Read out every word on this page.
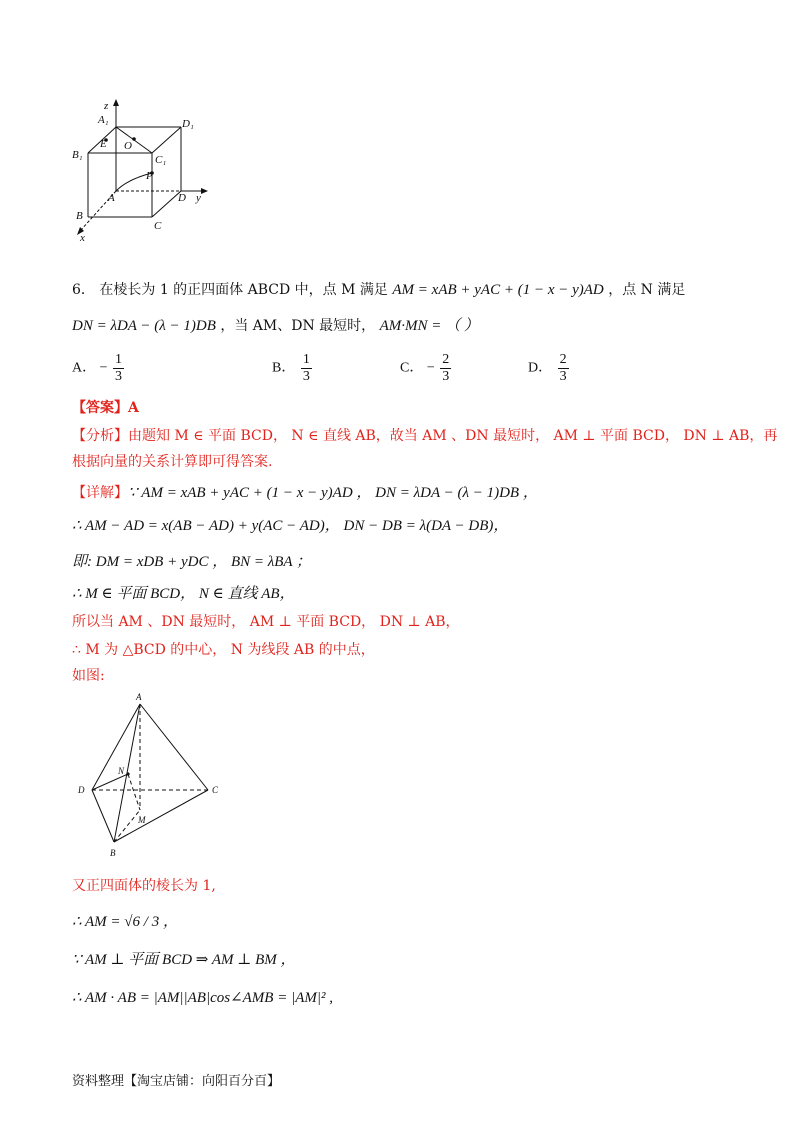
z
A₁	D₁
E O
B₁	C₁
P
A	D y
B
C
x
6． 在棱长为 1 的正四面体 ABCD 中，点 M 满足 AM = xAB + yAC + (1 − x − y)AD ，点 N 满足
DN = λDA − (λ − 1)DB ，当 AM、DN 最短时， AM·MN = （ ）
A． − $\frac{1}{3}$	B． $\frac{1}{3}$	C． − $\frac{2}{3}$	D． $\frac{2}{3}$
【答案】A
【分析】由题知 M ∈ 平面 BCD， N ∈ 直线 AB，故当 AM 、DN 最短时， AM ⊥ 平面 BCD， DN ⊥ AB，再
根据向量的关系计算即可得答案.
【详解】∵ AM = xAB + yAC + (1 − x − y)AD ， DN = λDA − (λ − 1)DB ，
∴ AM − AD = x(AB − AD) + y(AC − AD)， DN − DB = λ(DA − DB)，
即: DM = xDB + yDC ， BN = λBA ；
∴ M ∈ 平面 BCD， N ∈ 直线 AB，
所以当 AM 、DN 最短时， AM ⊥ 平面 BCD， DN ⊥ AB，
∴ M 为 △BCD 的中心， N 为线段 AB 的中点，
如图:
A
N
D	C
M
B
又正四面体的棱长为 1,
∴ AM = √6 / 3 ，
∵ AM ⊥ 平面 BCD ⇒ AM ⊥ BM ，
∴ AM · AB = |AM||AB|cos∠AMB = |AM|² ,
资料整理【淘宝店铺：向阳百分百】
